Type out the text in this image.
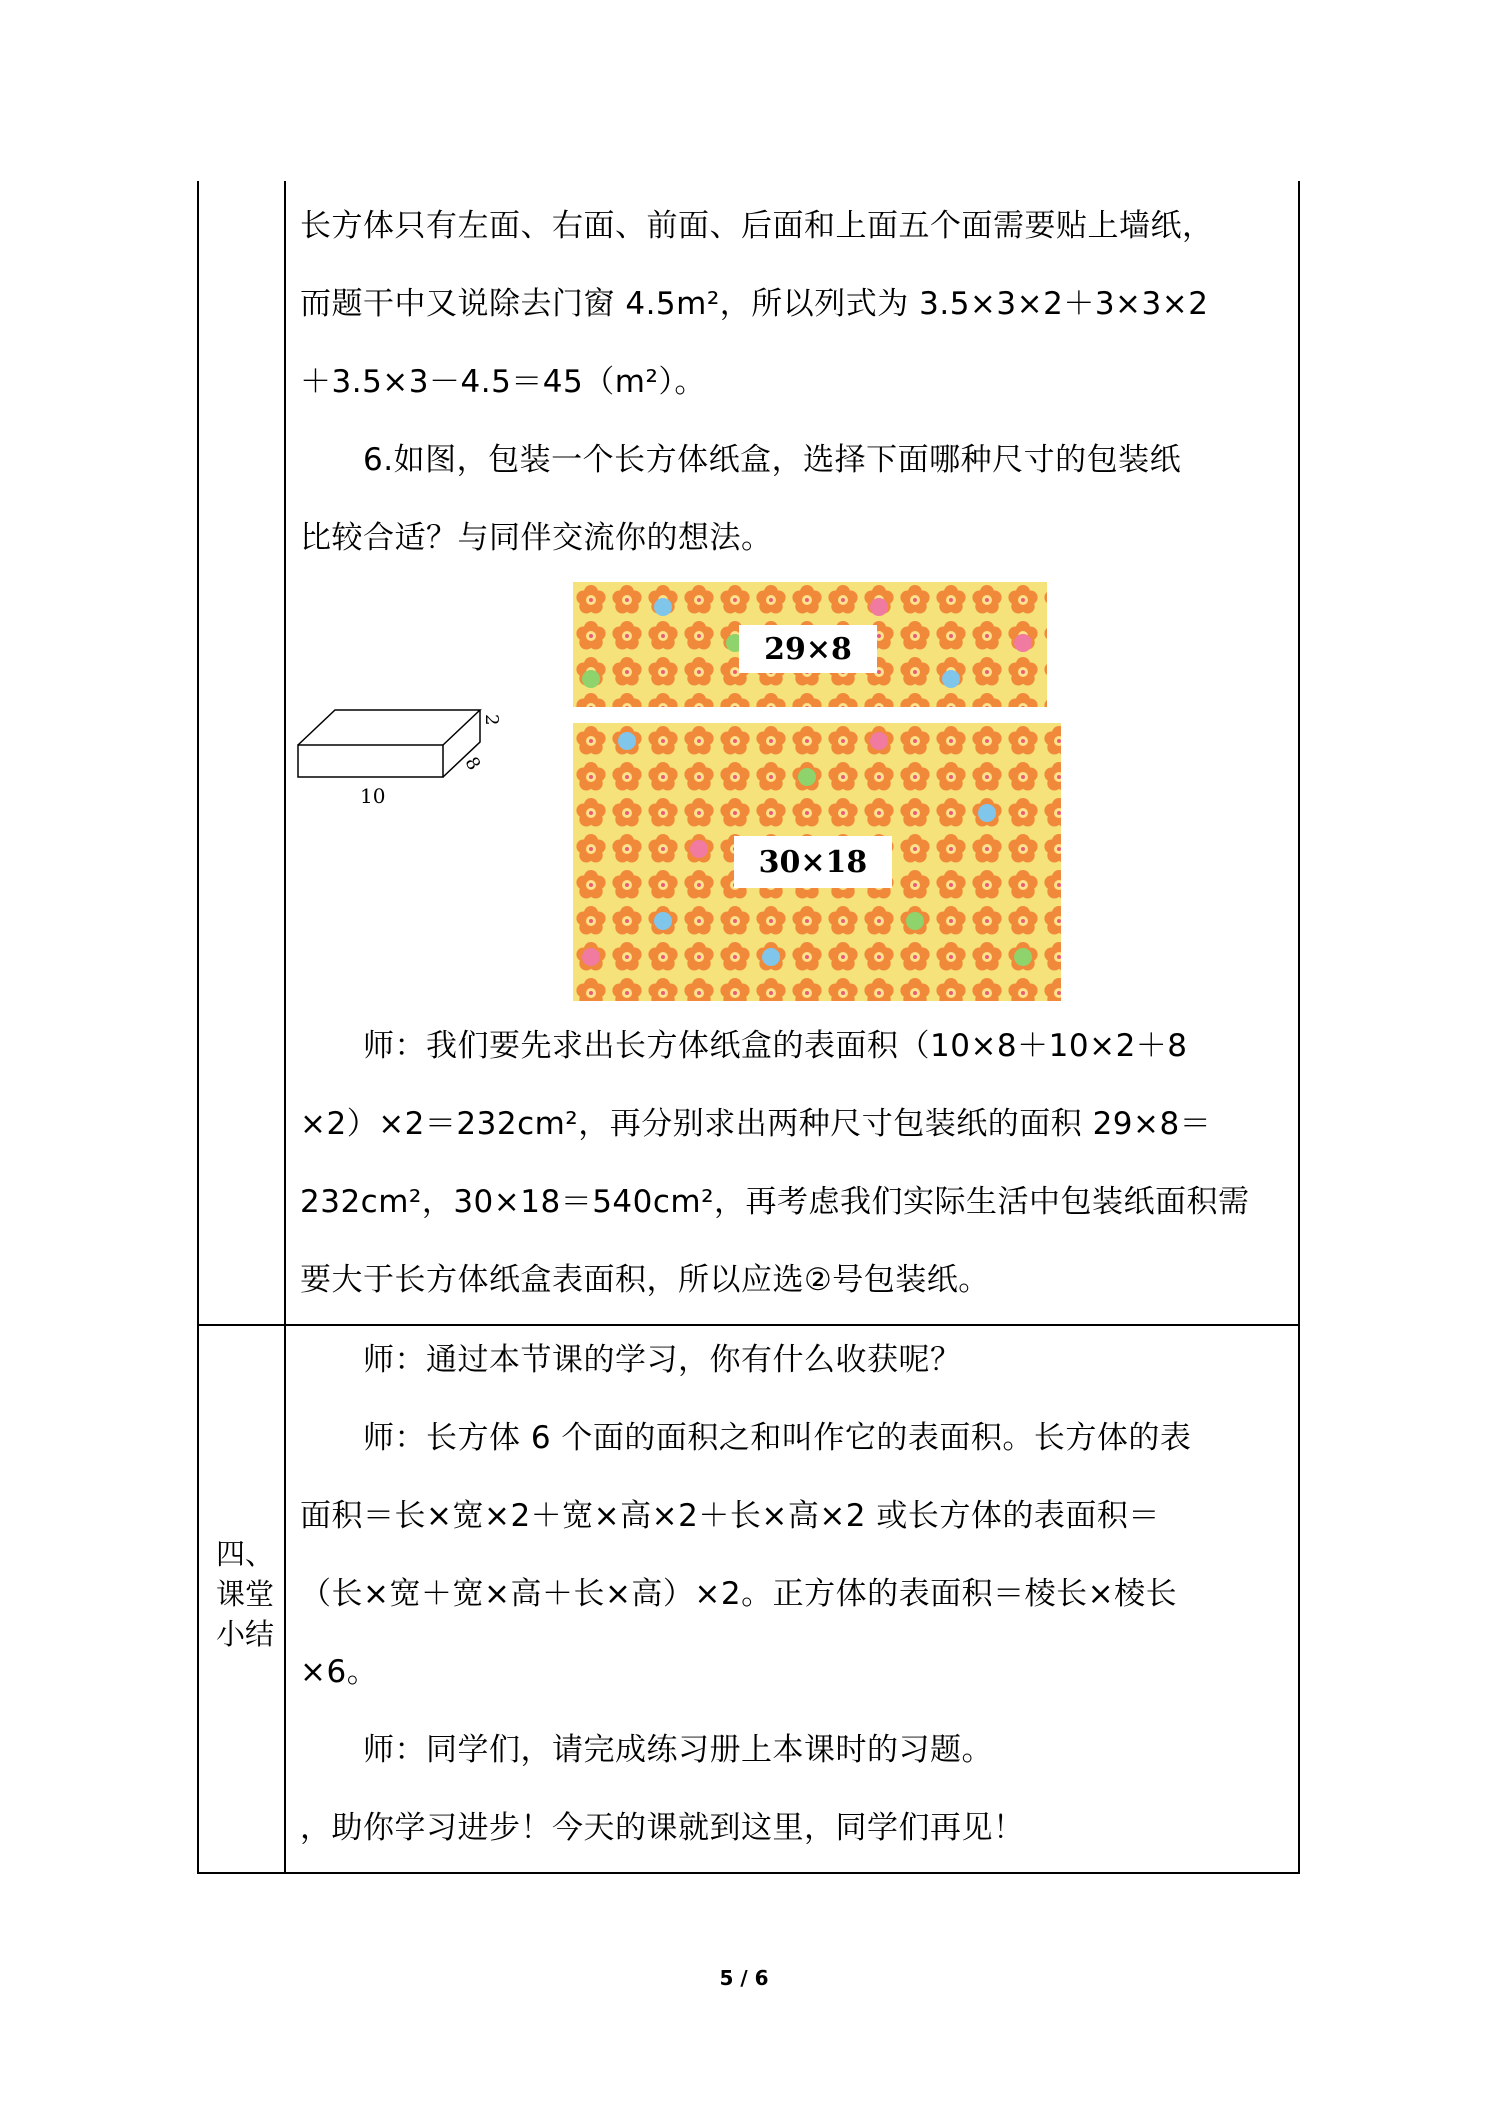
长方体只有左面、右面、前面、后面和上面五个面需要贴上墙纸，
而题干中又说除去门窗 4.5m²，所以列式为 3.5×3×2＋3×3×2
＋3.5×3－4.5＝45（m²）。
　　6.如图，包装一个长方体纸盒，选择下面哪种尺寸的包装纸
比较合适？与同伴交流你的想法。
10
2
8
29×8
30×18
　　师：我们要先求出长方体纸盒的表面积（10×8＋10×2＋8
×2）×2＝232cm²，再分别求出两种尺寸包装纸的面积 29×8＝
232cm²，30×18＝540cm²，再考虑我们实际生活中包装纸面积需
要大于长方体纸盒表面积，所以应选②号包装纸。
四、
课堂
小结
　　师：通过本节课的学习，你有什么收获呢？
　　师：长方体 6 个面的面积之和叫作它的表面积。长方体的表
面积＝长×宽×2＋宽×高×2＋长×高×2 或长方体的表面积＝
（长×宽＋宽×高＋长×高）×2。正方体的表面积＝棱长×棱长
×6。
　　师：同学们，请完成练习册上本课时的习题。
，助你学习进步！今天的课就到这里，同学们再见！
5 / 6
